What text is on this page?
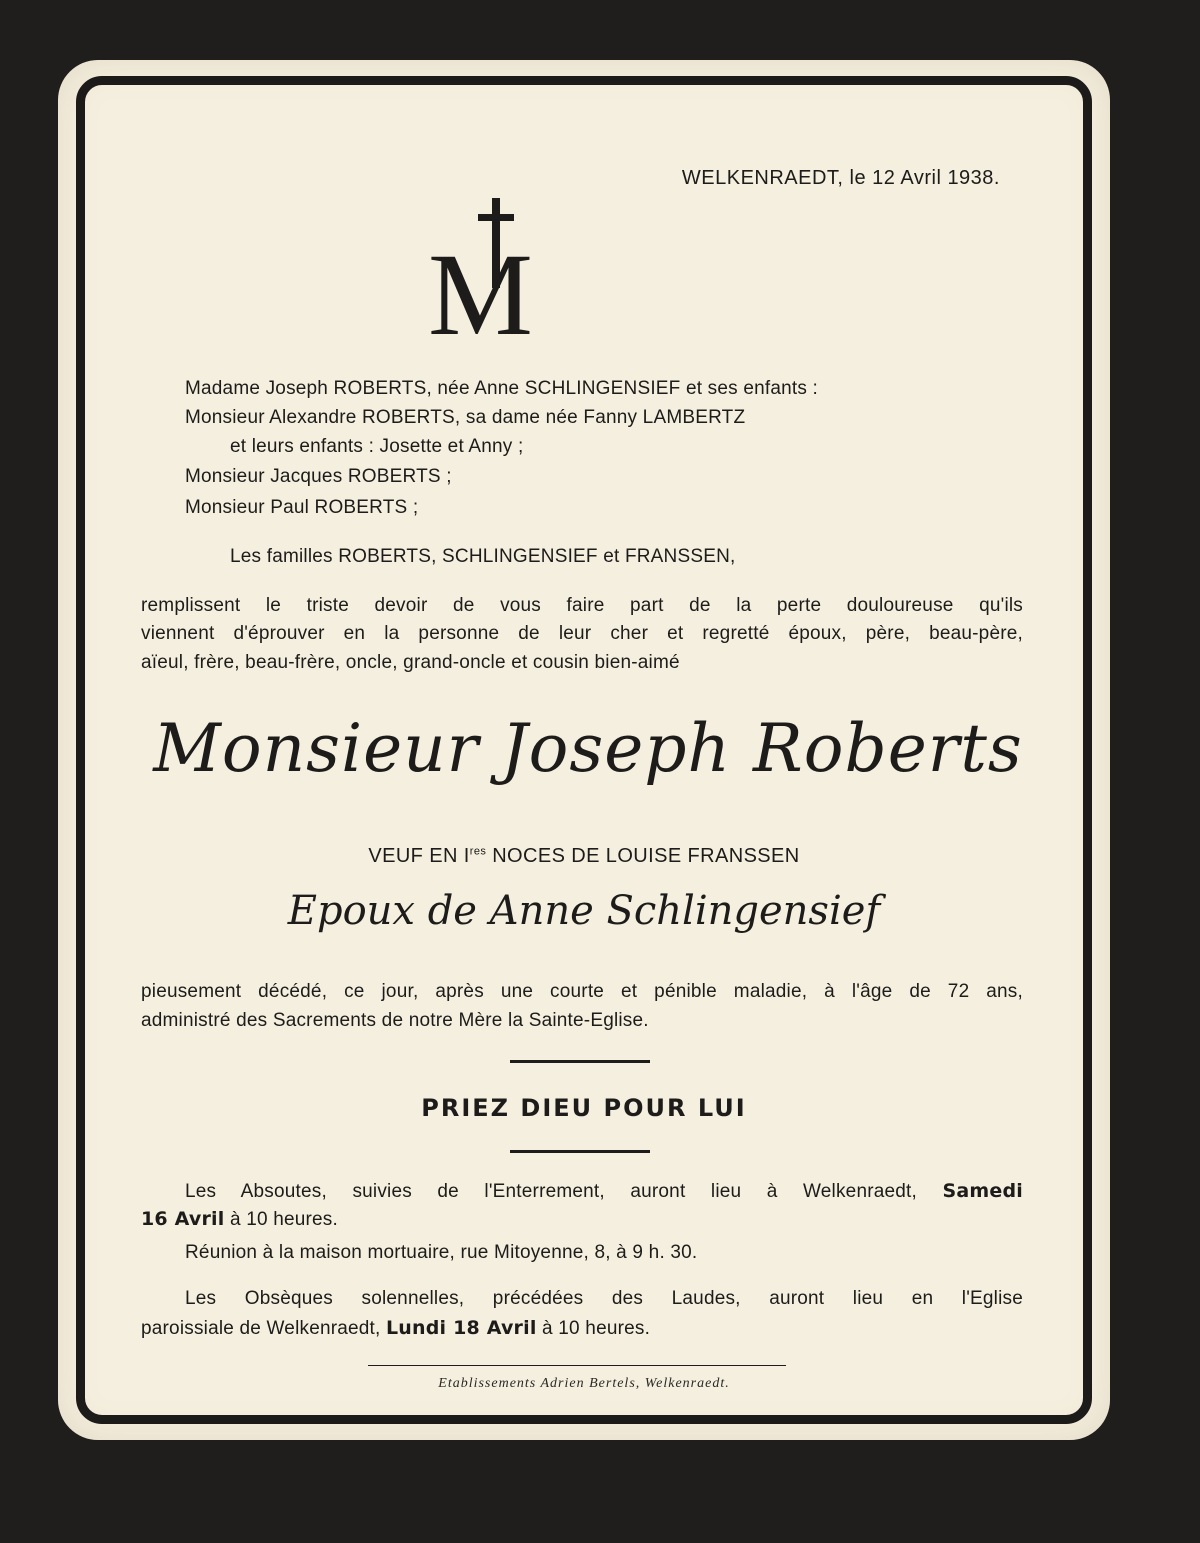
WELKENRAEDT, le 12 Avril 1938.
M
Madame Joseph ROBERTS, née Anne SCHLINGENSIEF et ses enfants :
Monsieur Alexandre ROBERTS, sa dame née Fanny LAMBERTZ
et leurs enfants : Josette et Anny ;
Monsieur Jacques ROBERTS ;
Monsieur Paul ROBERTS ;
Les familles ROBERTS, SCHLINGENSIEF et FRANSSEN,
remplissent le triste devoir de vous faire part de la perte douloureuse qu'ils
viennent d'éprouver en la personne de leur cher et regretté époux, père, beau-père,
aïeul, frère, beau-frère, oncle, grand-oncle et cousin bien-aimé
Monsieur Joseph Roberts
VEUF EN Ires NOCES DE LOUISE FRANSSEN
Epoux de Anne Schlingensief
pieusement décédé, ce jour, après une courte et pénible maladie, à l'âge de 72 ans,
administré des Sacrements de notre Mère la Sainte-Eglise.
PRIEZ DIEU POUR LUI
Les Absoutes, suivies de l'Enterrement, auront lieu à Welkenraedt, Samedi
16 Avril à 10 heures.
Réunion à la maison mortuaire, rue Mitoyenne, 8, à 9 h. 30.
Les Obsèques solennelles, précédées des Laudes, auront lieu en l'Eglise
paroissiale de Welkenraedt, Lundi 18 Avril à 10 heures.
Etablissements Adrien Bertels, Welkenraedt.
